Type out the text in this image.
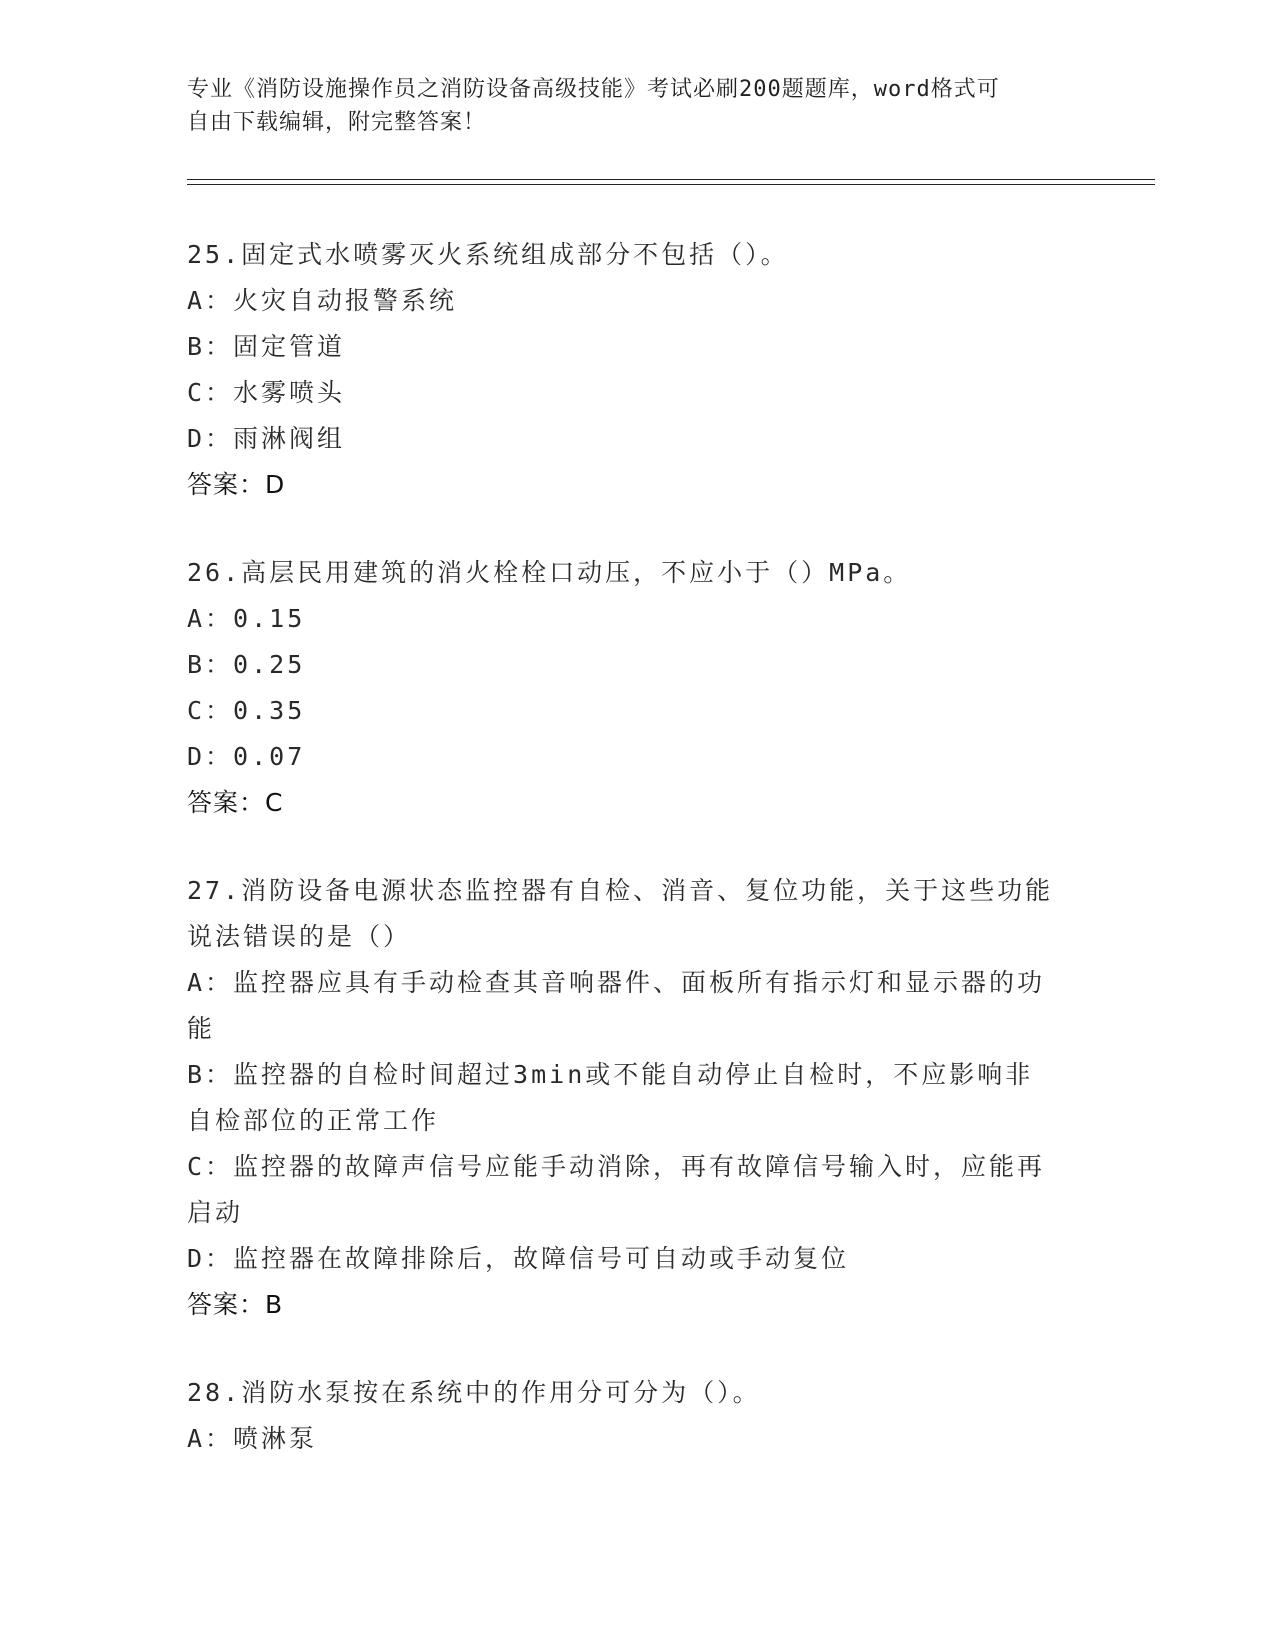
专业《消防设施操作员之消防设备高级技能》考试必刷200题题库，word格式可
自由下载编辑，附完整答案！
25.固定式水喷雾灭火系统组成部分不包括（）。
A：火灾自动报警系统
B：固定管道
C：水雾喷头
D：雨淋阀组
答案：D
26.高层民用建筑的消火栓栓口动压，不应小于（）MPa。
A：0.15
B：0.25
C：0.35
D：0.07
答案：C
27.消防设备电源状态监控器有自检、消音、复位功能，关于这些功能
说法错误的是（）
A：监控器应具有手动检查其音响器件、面板所有指示灯和显示器的功
能
B：监控器的自检时间超过3min或不能自动停止自检时，不应影响非
自检部位的正常工作
C：监控器的故障声信号应能手动消除，再有故障信号输入时，应能再
启动
D：监控器在故障排除后，故障信号可自动或手动复位
答案：B
28.消防水泵按在系统中的作用分可分为（）。
A：喷淋泵
